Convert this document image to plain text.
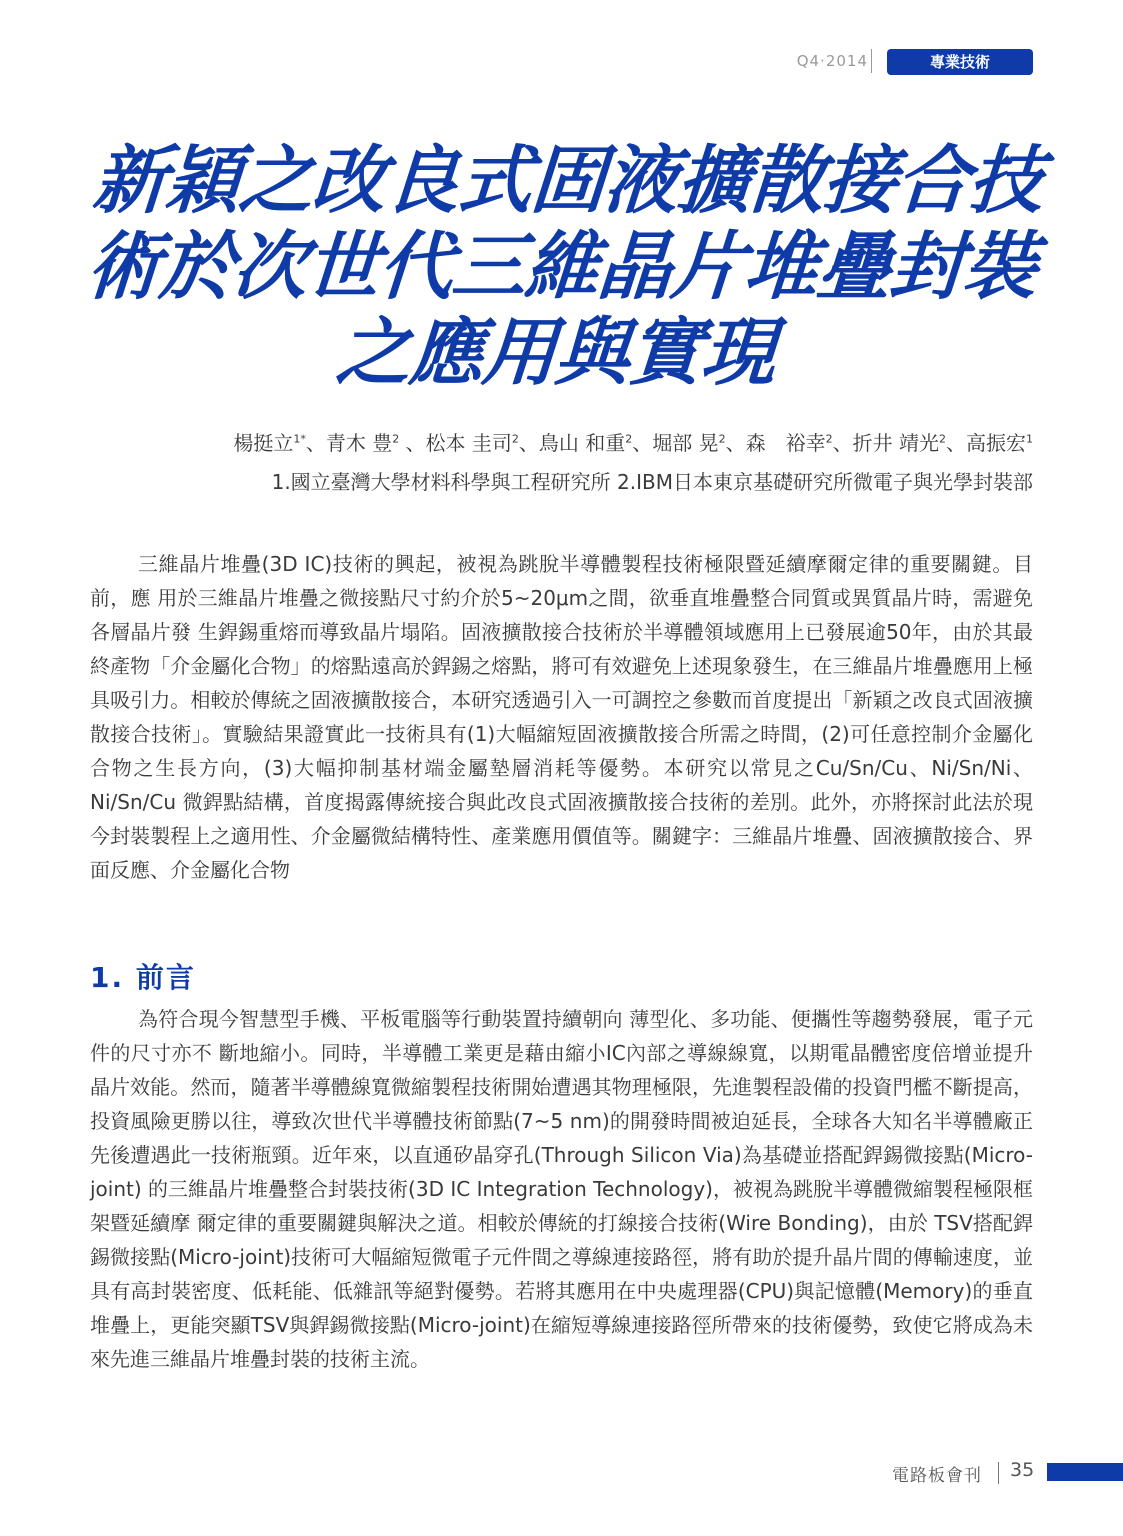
Q4‧2014	專業技術
新穎之改良式固液擴散接合技
術於次世代三維晶片堆疊封裝
之應用與實現
楊挺立$^{1*}$、青木 豊$^2$ 、松本 圭司$^2$、鳥山 和重$^2$、堀部 晃$^2$、森　裕幸$^2$、折井 靖光$^2$、高振宏$^1$
1.國立臺灣大學材料科學與工程研究所 2.IBM日本東京基礎研究所微電子與光學封裝部

三維晶片堆疊(3D IC)技術的興起，被視為跳脫半導體製程技術極限暨延續摩爾定律的重要關鍵。目前，應 用於三維晶片堆疊之微接點尺寸約介於5~20μm之間，欲垂直堆疊整合同質或異質晶片時，需避免各層晶片發 生銲錫重熔而導致晶片塌陷。固液擴散接合技術於半導體領域應用上已發展逾50年，由於其最終產物「介金屬化合物」的熔點遠高於銲錫之熔點，將可有效避免上述現象發生，在三維晶片堆疊應用上極具吸引力。相較於傳統之固液擴散接合，本研究透過引入一可調控之參數而首度提出「新穎之改良式固液擴散接合技術」。實驗結果證實此一技術具有(1)大幅縮短固液擴散接合所需之時間，(2)可任意控制介金屬化合物之生長方向，(3)大幅抑制基材端金屬墊層消耗等優勢。本研究以常見之Cu/Sn/Cu、Ni/Sn/Ni、Ni/Sn/Cu 微銲點結構，首度揭露傳統接合與此改良式固液擴散接合技術的差別。此外，亦將探討此法於現今封裝製程上之適用性、介金屬微結構特性、產業應用價值等。關鍵字：三維晶片堆疊、固液擴散接合、界面反應、介金屬化合物

1. 前言

為符合現今智慧型手機、平板電腦等行動裝置持續朝向 薄型化、多功能、便攜性等趨勢發展，電子元件的尺寸亦不 斷地縮小。同時，半導體工業更是藉由縮小IC內部之導線線寬，以期電晶體密度倍增並提升晶片效能。然而，隨著半導體線寬微縮製程技術開始遭遇其物理極限，先進製程設備的投資門檻不斷提高，投資風險更勝以往，導致次世代半導體技術節點(7~5 nm)的開發時間被迫延長，全球各大知名半導體廠正先後遭遇此一技術瓶頸。近年來，以直通矽晶穿孔(Through Silicon Via)為基礎並搭配銲錫微接點(Micro-joint) 的三維晶片堆疊整合封裝技術(3D IC Integration Technology)，被視為跳脫半導體微縮製程極限框架暨延續摩 爾定律的重要關鍵與解決之道。相較於傳統的打線接合技術(Wire Bonding)，由於 TSV搭配銲錫微接點(Micro-joint)技術可大幅縮短微電子元件間之導線連接路徑，將有助於提升晶片間的傳輸速度，並具有高封裝密度、低耗能、低雜訊等絕對優勢。若將其應用在中央處理器(CPU)與記憶體(Memory)的垂直堆疊上，更能突顯TSV與銲錫微接點(Micro-joint)在縮短導線連接路徑所帶來的技術優勢，致使它將成為未來先進三維晶片堆疊封裝的技術主流。

電路板會刊 35
